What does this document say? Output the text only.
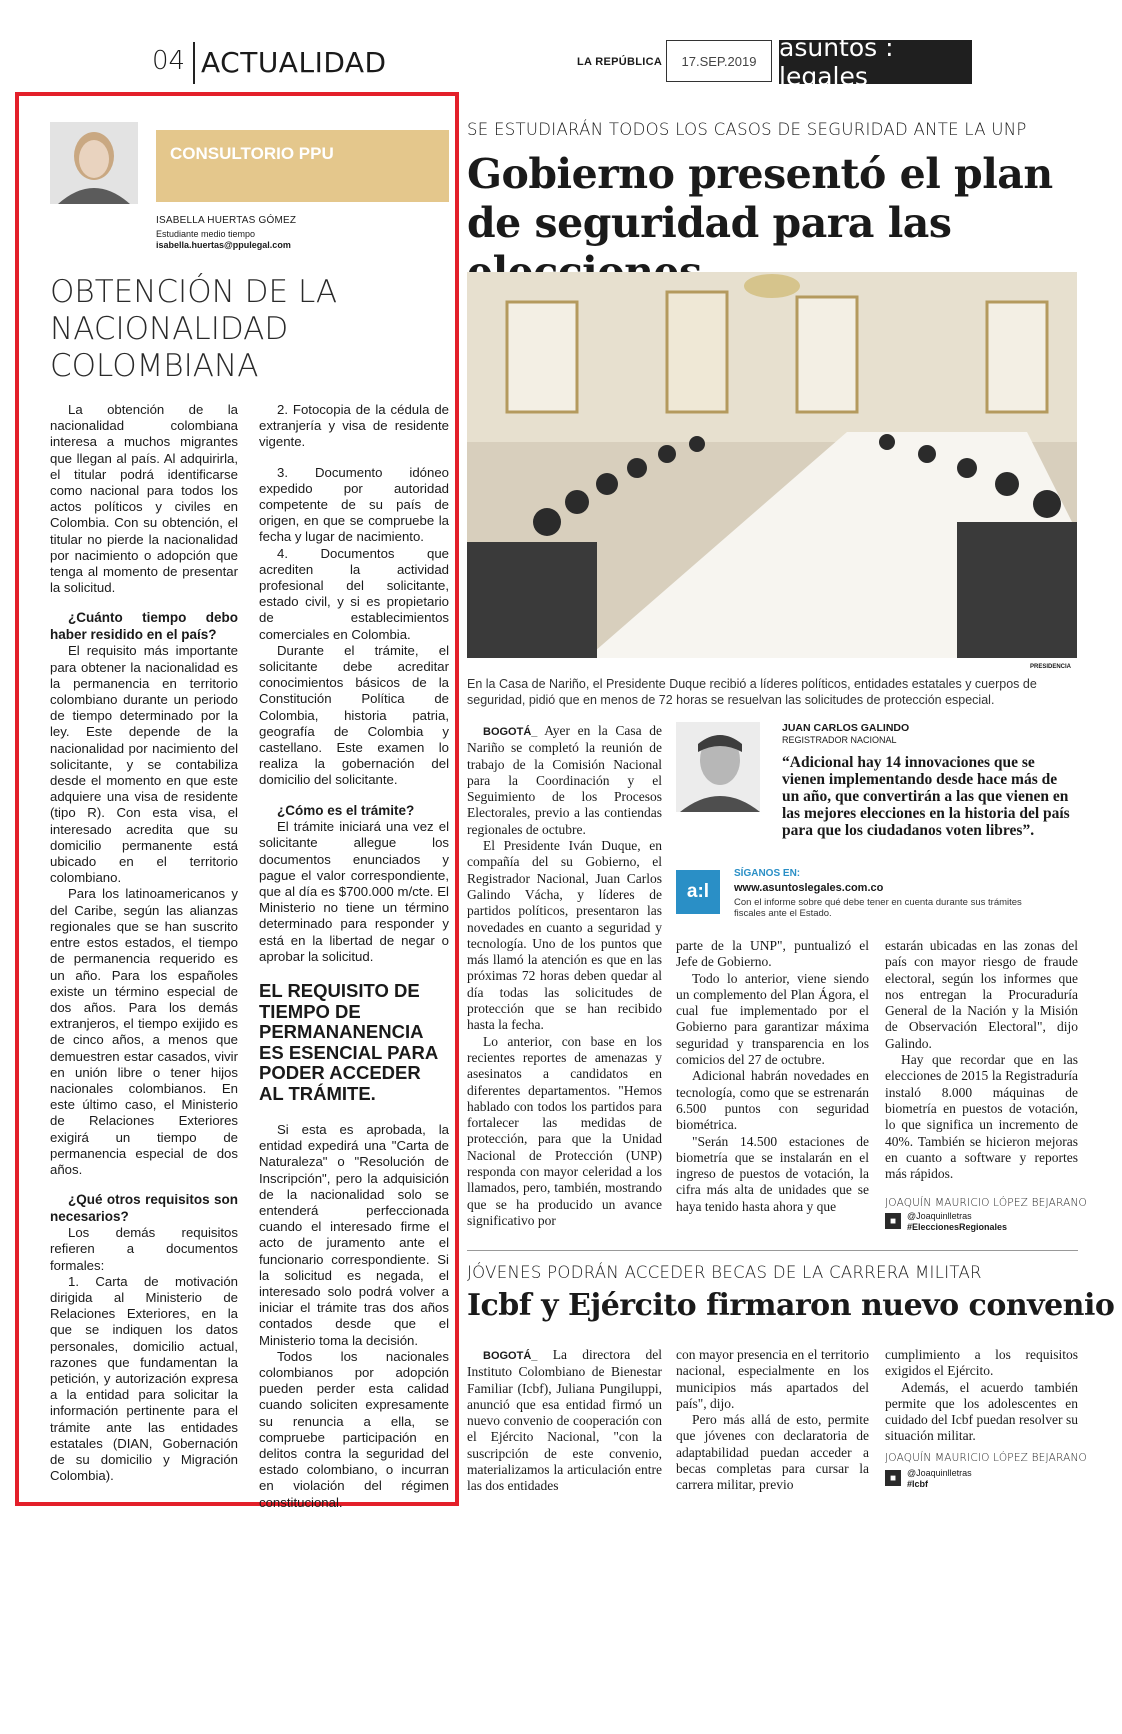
04 ACTUALIDAD	LA REPÚBLICA	17.SEP.2019 asuntos : legales
CONSULTORIO PPU
ISABELLA HUERTAS GÓMEZ
Estudiante medio tiempo
isabella.huertas@ppulegal.com
OBTENCIÓN DE LA NACIONALIDAD COLOMBIANA

La obtención de la nacionalidad colombiana interesa a muchos migrantes que llegan al país. Al adquirirla, el titular podrá identificarse como nacional para todos los actos políticos y civiles en Colombia. Con su obtención, el titular no pierde la nacionalidad por nacimiento o adopción que tenga al momento de presentar la solicitud.

¿Cuánto tiempo debo haber residido en el país?

El requisito más importante para obtener la nacionalidad es la permanencia en territorio colombiano durante un periodo de tiempo determinado por la ley. Este depende de la nacionalidad por nacimiento del solicitante, y se contabiliza desde el momento en que este adquiere una visa de residente (tipo R). Con esta visa, el interesado acredita que su domicilio permanente está ubicado en el territorio colombiano.

Para los latinoamericanos y del Caribe, según las alianzas regionales que se han suscrito entre estos estados, el tiempo de permanencia requerido es un año. Para los españoles existe un término especial de dos años. Para los demás extranjeros, el tiempo exijido es de cinco años, a menos que demuestren estar casados, vivir en unión libre o tener hijos nacionales colombianos. En este último caso, el Ministerio de Relaciones Exteriores exigirá un tiempo de permanencia especial de dos años.

¿Qué otros requisitos son necesarios?

Los demás requisitos refieren a documentos formales:

1. Carta de motivación dirigida al Ministerio de Relaciones Exteriores, en la que se indiquen los datos personales, domicilio actual, razones que fundamentan la petición, y autorización expresa a la entidad para solicitar la información pertinente para el trámite ante las entidades estatales (DIAN, Gobernación de su domicilio y Migración Colombia).

2. Fotocopia de la cédula de extranjería y visa de residente vigente.

3. Documento idóneo expedido por autoridad competente de su país de origen, en que se compruebe la fecha y lugar de nacimiento.

4. Documentos que acrediten la actividad profesional del solicitante, estado civil, y si es propietario de establecimientos comerciales en Colombia.

Durante el trámite, el solicitante debe acreditar conocimientos básicos de la Constitución Política de Colombia, historia patria, geografía de Colombia y castellano. Este examen lo realiza la gobernación del domicilio del solicitante.

¿Cómo es el trámite?

El trámite iniciará una vez el solicitante allegue los documentos enunciados y pague el valor correspondiente, que al día es $700.000 m/cte. El Ministerio no tiene un término determinado para responder y está en la libertad de negar o aprobar la solicitud.

EL REQUISITO DE TIEMPO DE PERMANANENCIA ES ESENCIAL PARA PODER ACCEDER AL TRÁMITE.

Si esta es aprobada, la entidad expedirá una "Carta de Naturaleza" o "Resolución de Inscripción", pero la adquisición de la nacionalidad solo se entenderá perfeccionada cuando el interesado firme el acto de juramento ante el funcionario correspondiente. Si la solicitud es negada, el interesado solo podrá volver a iniciar el trámite tras dos años contados desde que el Ministerio toma la decisión.

Todos los nacionales colombianos por adopción pueden perder esta calidad cuando soliciten expresamente su renuncia a ella, se compruebe participación en delitos contra la seguridad del estado colombiano, o incurran en violación del régimen constitucional.

SE ESTUDIARÁN TODOS LOS CASOS DE SEGURIDAD ANTE LA UNP
Gobierno presentó el plan de seguridad para las
PRESIDENCIA
En la Casa de Nariño, el Presidente Duque recibió a líderes políticos, entidades estatales y cuerpos de seguridad, pidió que en menos de 72 horas se resuelvan las solicitudes de protección especial.

BOGOTÁ_ Ayer en la Casa de Nariño se completó la reunión de trabajo de la Comisión Nacional para la Coordinación y el Seguimiento de los Procesos Electorales, previo a las contiendas regionales de octubre.

El Presidente Iván Duque, en compañía del su Gobierno, el Registrador Nacional, Juan Carlos Galindo Vácha, y líderes de partidos políticos, presentaron las novedades en cuanto a seguridad y tecnología. Uno de los puntos que más llamó la atención es que en las próximas 72 horas deben quedar al día todas las solicitudes de protección que se han recibido hasta la fecha.

Lo anterior, con base en los recientes reportes de amenazas y asesinatos a candidatos en diferentes departamentos. "Hemos hablado con todos los partidos para fortalecer las medidas de protección, para que la Unidad Nacional de Protección (UNP) responda con mayor celeridad a los llamados, pero, también, mostrando que se ha producido un avance significativo por

JUAN CARLOS GALINDO
REGISTRADOR NACIONAL
“Adicional hay 14 innovaciones que se vienen implementando desde hace más de un año, que convertirán a las que vienen en las mejores elecciones en la historia del país para que los ciudadanos voten libres”.
a:l
SÍGANOS EN:
www.asuntoslegales.com.co
Con el informe sobre qué debe tener en cuenta durante sus trámites fiscales ante el Estado.

parte de la UNP", puntualizó el Jefe de Gobierno.

Todo lo anterior, viene siendo un complemento del Plan Ágora, el cual fue implementado por el Gobierno para garantizar máxima seguridad y transparencia en los comicios del 27 de octubre.

Adicional habrán novedades en tecnología, como que se estrenarán 6.500 puntos con seguridad biométrica.

"Serán 14.500 estaciones de biometría que se instalarán en el ingreso de puestos de votación, la cifra más alta de unidades que se haya tenido hasta ahora y que

estarán ubicadas en las zonas del país con mayor riesgo de fraude electoral, según los informes que nos entregan la Procuraduría General de la Nación y la Misión de Observación Electoral", dijo Galindo.

Hay que recordar que en las elecciones de 2015 la Registraduría instaló 8.000 máquinas de biometría en puestos de votación, lo que significa un incremento de 40%. También se hicieron mejoras en cuanto a software y reportes más rápidos.

JOAQUÍN MAURICIO LÓPEZ BEJARANO
■	@Joaquinlletras
#EleccionesRegionales
JÓVENES PODRÁN ACCEDER BECAS DE LA CARRERA MILITAR
Icbf y Ejército firmaron nuevo convenio

BOGOTÁ_ La directora del Instituto Colombiano de Bienestar Familiar (Icbf), Juliana Pungiluppi, anunció que esa entidad firmó un nuevo convenio de cooperación con el Ejército Nacional, "con la suscripción de este convenio, materializamos la articulación entre las dos entidades

con mayor presencia en el territorio nacional, especialmente en los municipios más apartados del país", dijo.

Pero más allá de esto, permite que jóvenes con declaratoria de adaptabilidad puedan acceder a becas completas para cursar la carrera militar, previo

cumplimiento a los requisitos exigidos el Ejército.

Además, el acuerdo también permite que los adolescentes en cuidado del Icbf puedan resolver su situación militar.

JOAQUÍN MAURICIO LÓPEZ BEJARANO
■	@Joaquinlletras
#Icbf
